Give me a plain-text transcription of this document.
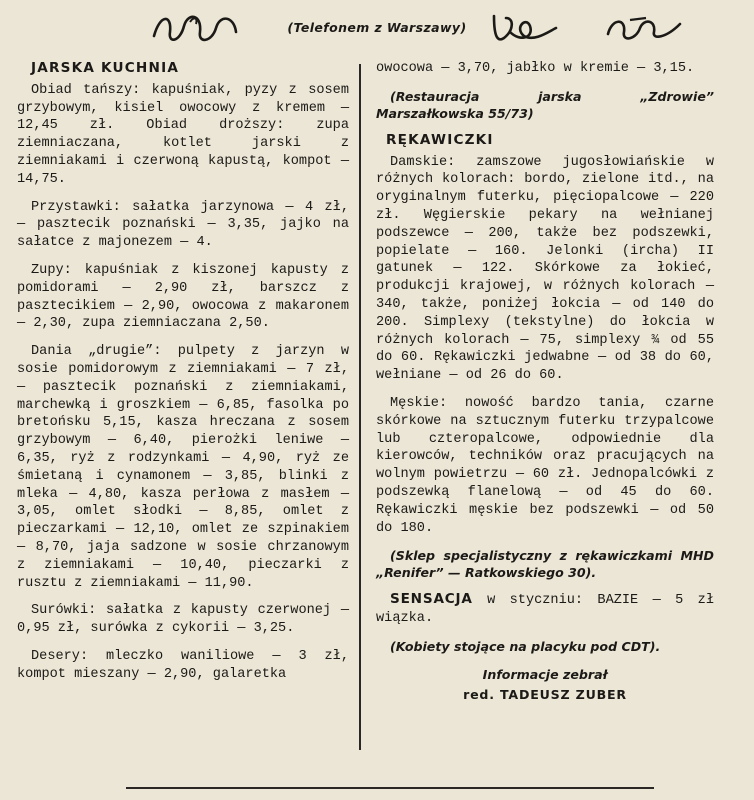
(Telefonem z Warszawy)
JARSKA KUCHNIA

Obiad tańszy: kapuśniak, pyzy z sosem grzybowym, kisiel owocowy z kremem — 12,45 zł. Obiad droższy: zupa ziemniaczana, kotlet jarski z ziemniakami i czerwoną kapustą, kompot — 14,75.

Przystawki: sałatka jarzynowa — 4 zł, — pasztecik poznański — 3,35, jajko na sałatce z majonezem — 4.

Zupy: kapuśniak z kiszonej kapusty z pomidorami — 2,90 zł, barszcz z pasztecikiem — 2,90, owocowa z makaronem — 2,30, zupa ziemniaczana 2,50.

Dania „drugie”: pulpety z jarzyn w sosie pomidorowym z ziemniakami — 7 zł, — pasztecik poznański z ziemniakami, marchewką i groszkiem — 6,85, fasolka po bretońsku 5,15, kasza hreczana z sosem grzybowym — 6,40, pierożki leniwe — 6,35, ryż z rodzynkami — 4,90, ryż ze śmietaną i cynamonem — 3,85, blinki z mleka — 4,80, kasza perłowa z masłem — 3,05, omlet słodki — 8,85, omlet z pieczarkami — 12,10, omlet ze szpinakiem — 8,70, jaja sadzone w sosie chrzanowym z ziemniakami — 10,40, pieczarki z rusztu z ziemniakami — 11,90.

Surówki: sałatka z kapusty czerwonej — 0,95 zł, surówka z cykorii — 3,25.

Desery: mleczko waniliowe — 3 zł, kompot mieszany — 2,90, galaretka

owocowa — 3,70, jabłko w kremie — 3,15.

(Restauracja jarska „Zdrowie” Marszałkowska 55/73)

RĘKAWICZKI

Damskie: zamszowe jugosłowiańskie w różnych kolorach: bordo, zielone itd., na oryginalnym futerku, pięciopalcowe — 220 zł. Węgierskie pekary na wełnianej podszewce — 200, także bez podszewki, popielate — 160. Jelonki (ircha) II gatunek — 122. Skórkowe za łokieć, produkcji krajowej, w różnych kolorach — 340, także, poniżej łokcia — od 140 do 200. Simplexy (tekstylne) do łokcia w różnych kolorach — 75, simplexy ¾ od 55 do 60. Rękawiczki jedwabne — od 38 do 60, wełniane — od 26 do 60.

Męskie: nowość bardzo tania, czarne skórkowe na sztucznym futerku trzypalcowe lub czteropalcowe, odpowiednie dla kierowców, techników oraz pracujących na wolnym powietrzu — 60 zł. Jednopalcówki z podszewką flanelową — od 45 do 60. Rękawiczki męskie bez podszewki — od 50 do 180.

(Sklep specjalistyczny z rękawiczkami MHD „Renifer” — Ratkowskiego 30).

SENSACJA w styczniu: BAZIE — 5 zł wiązka.

(Kobiety stojące na placyku pod CDT).

Informacje zebrał
red. TADEUSZ ZUBER
